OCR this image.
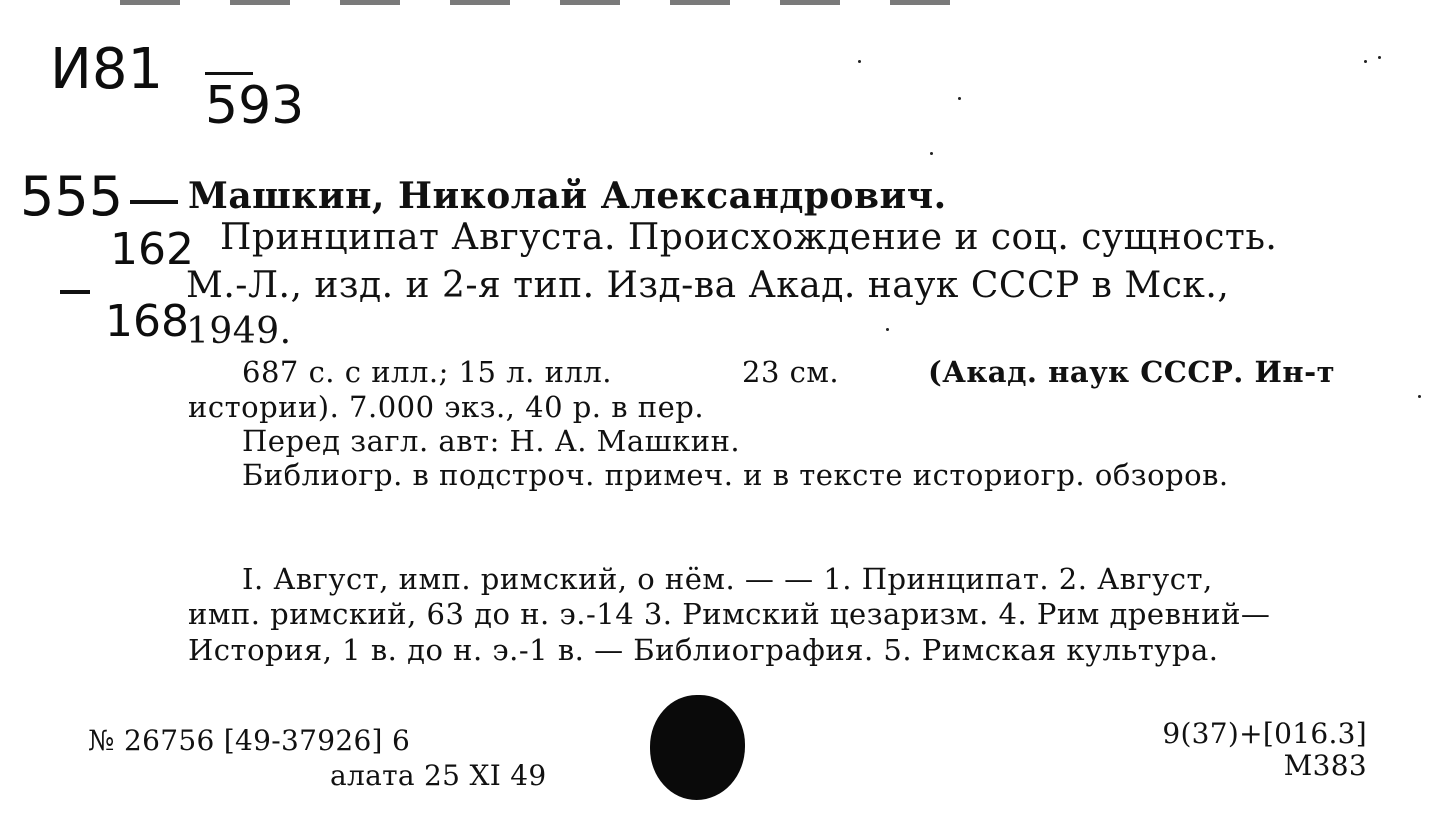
И81
593
555
162
168
Машкин, Николай Александрович.
Принципат Августа. Происхождение и соц. сущность.
М.-Л., изд. и 2-я тип. Изд-ва Акад. наук СССР в Мск.,
1949.
687 с. с илл.; 15 л. илл.	23 см.	(Акад. наук СССР. Ин-т
истории). 7.000 экз., 40 р. в пер.
Перед загл. авт: Н. А. Машкин.
Библиогр. в подстроч. примеч. и в тексте историогр. обзоров.
I. Август, имп. римский, о нём. — — 1. Принципат. 2. Август,
имп. римский, 63 до н. э.-14 3. Римский цезаризм. 4. Рим древний—
История, 1 в. до н. э.-1 в. — Библиография. 5. Римская культура.
№ 26756 [49-37926] 6
алата 25 XI 49
9(37)+[016.3]
М383
